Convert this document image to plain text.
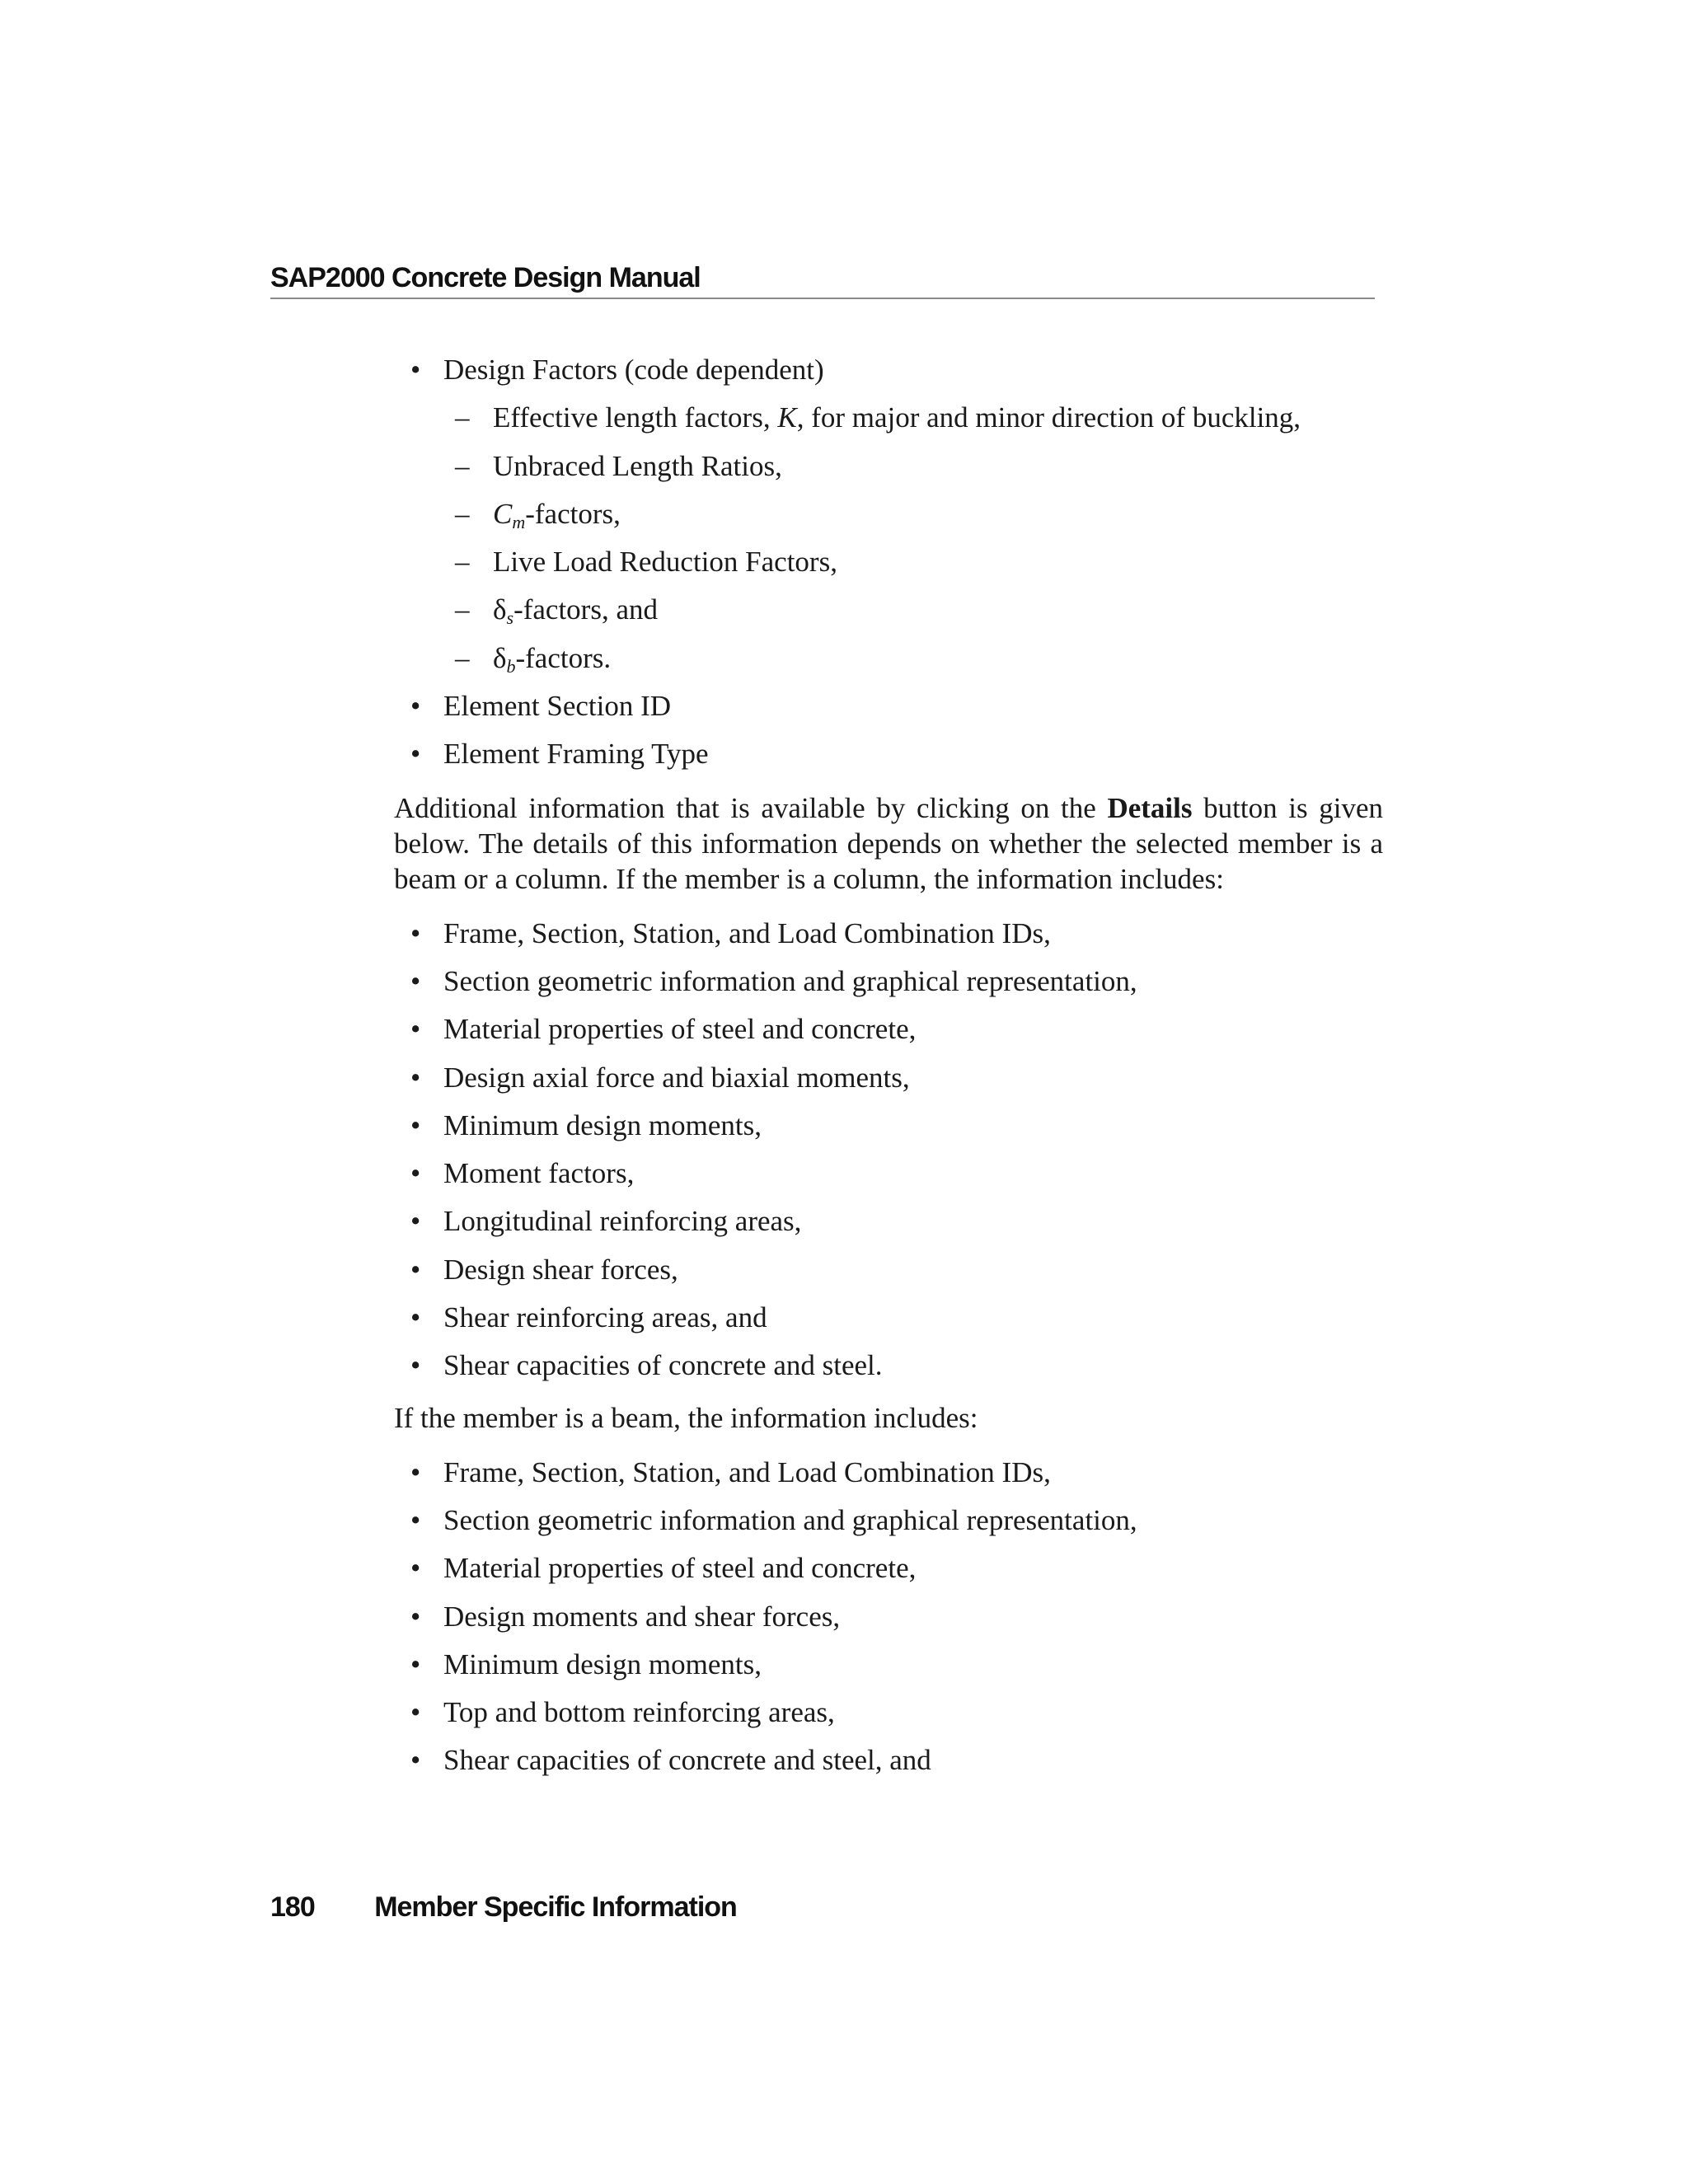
SAP2000 Concrete Design Manual
• Design Factors (code dependent)
– Effective length factors, K, for major and minor direction of buckling,
– Unbraced Length Ratios,
– $C_m$-factors,
– Live Load Reduction Factors,
– $\delta_s$-factors, and
– $\delta_b$-factors.
• Element Section ID
• Element Framing Type

Additional information that is available by clicking on the Details button is given below. The details of this information depends on whether the selected member is a beam or a column. If the member is a column, the information includes:

• Frame, Section, Station, and Load Combination IDs,
• Section geometric information and graphical representation,
• Material properties of steel and concrete,
• Design axial force and biaxial moments,
• Minimum design moments,
• Moment factors,
• Longitudinal reinforcing areas,
• Design shear forces,
• Shear reinforcing areas, and
• Shear capacities of concrete and steel.

If the member is a beam, the information includes:

• Frame, Section, Station, and Load Combination IDs,
• Section geometric information and graphical representation,
• Material properties of steel and concrete,
• Design moments and shear forces,
• Minimum design moments,
• Top and bottom reinforcing areas,
• Shear capacities of concrete and steel, and
180 Member Specific Information
